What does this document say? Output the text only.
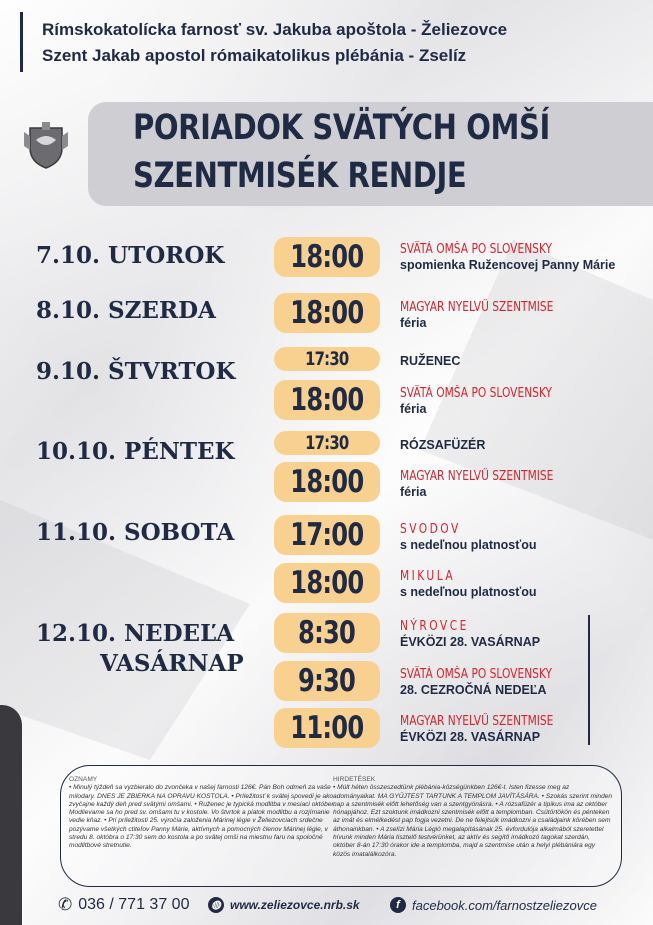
Rímskokatolícka farnosť sv. Jakuba apoštola - Želiezovce
Szent Jakab apostol rómaikatolikus plébánia - Zselíz
PORIADOK SVÄTÝCH OMŠÍ
SZENTMISÉK RENDJE
7.10. UTOROK
8.10. SZERDA
9.10. ŠTVRTOK
10.10. PÉNTEK
11.10. SOBOTA
12.10. NEDEĽA
VASÁRNAP
18:00
18:00
17:30
18:00
17:30
18:00
17:00
18:00
8:30
9:30
11:00
SVÄTÁ OMŠA PO SLOVENSKY
spomienka Ružencovej Panny Márie
MAGYAR NYELVŰ SZENTMISE
féria
RUŽENEC
SVÄTÁ OMŠA PO SLOVENSKY
féria
RÓZSAFÜZÉR
MAGYAR NYELVŰ SZENTMISE
féria
SVODOV
s nedeľnou platnosťou
MIKULA
s nedeľnou platnosťou
NÝROVCE
ÉVKÖZI 28. VASÁRNAP
SVÄTÁ OMŠA PO SLOVENSKY
28. CEZROČNÁ NEDEĽA
MAGYAR NYELVŰ SZENTMISE
ÉVKÖZI 28. VASÁRNAP
OZNAMY
• Minulý týždeň sa vyzbieralo do zvončeka v našej farnosti 126€. Pán Boh odmeň za vaše milodary. DNES JE ZBIERKA NA OPRAVU KOSTOLA. • Príležitosť k svätej spovedi je ako zvyčajne každý deň pred svätými omšami. • Ruženec je typická modlitba v mesiaci október. Modlievame sa ho pred sv. omšami tu v kostole. Vo štvrtok a piatok modlitbu a rozjímanie vedie kňaz. • Pri príležitosti 25. výročia založenia Márinej légie v Želiezovciach srdečne pozývame všetkých ctiteľov Panny Márie, aktívnych a pomocných členov Márinej légie, v stredu 8. októbra o 17:30 sem do kostola a po svätej omši na miestnu faru na spoločné modlitbové stretnutie.
HIRDETÉSEK
• Múlt héten összeszedtünk plébánia-községünkben 126€-t. Isten fizesse meg az adományaikat. MA GYŰJTEST TARTUNK A TEMPLOM JAVÍTÁSÁRA. • Szokás szerint minden nap a szentmisék előtt lehetőség van a szentgyónásra. • A rózsafüzér a tipikus ima az október hónapjához. Ezt szoktunk imádkozni szentmisék előtt a templomban. Csütörtökön és pénteken az imát és elmélkedést pap fogja vezetni. De ne felejtsük imádkozni a családjaink körében sem áthonainkban. • A zselízi Mária Légió megalapításának 25. évfordulója alkalmából szeretettel hívunk minden Mária tisztelő testvérünket, az aktív és segítő imádkozó tagokat szerdán, október 8-án 17:30 órakor ide a templomba, majd a szentmise után a helyi plébániára egy közös imatalálkozóra.
✆ 036 / 771 37 00 ◍ www.zeliezovce.nrb.sk	f facebook.com/farnostzeliezovce
